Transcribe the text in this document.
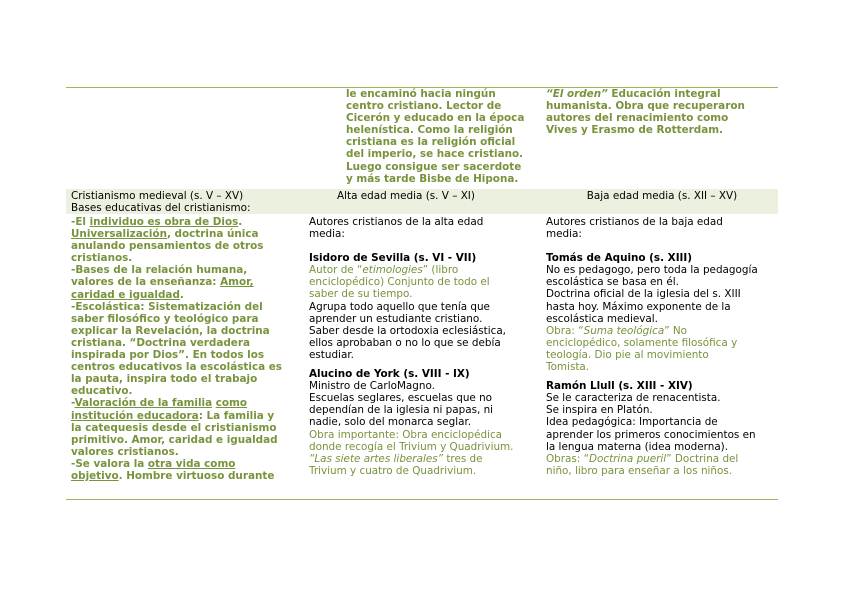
le encaminó hacia ningún

centro cristiano. Lector de

Cicerón y educado en la época

helenística. Como la religión

cristiana es la religión oficial

del imperio, se hace cristiano.

Luego consigue ser sacerdote

y más tarde Bisbe de Hipona.

“El orden” Educación integral

humanista. Obra que recuperaron

autores del renacimiento como

Vives y Erasmo de Rotterdam.

Cristianismo medieval (s. V – XV)

Bases educativas del cristianismo:

Alta edad media (s. V – XI)	Baja edad media (s. XII – XV)

-El individuo es obra de Dios.

Universalización, doctrina única

anulando pensamientos de otros

cristianos.

-Bases de la relación humana,

valores de la enseñanza: Amor,

caridad e igualdad.

-Escolástica: Sistematización del

saber filosófico y teológico para

explicar la Revelación, la doctrina

cristiana. “Doctrina verdadera

inspirada por Dios”. En todos los

centros educativos la escolástica es

la pauta, inspira todo el trabajo

educativo.

-Valoración de la familia como

institución educadora: La familia y

la catequesis desde el cristianismo

primitivo. Amor, caridad e igualdad

valores cristianos.

-Se valora la otra vida como

objetivo. Hombre virtuoso durante

Autores cristianos de la alta edad

media:

Isidoro de Sevilla (s. VI - VII)

Autor de “etimologies” (libro

enciclopédico) Conjunto de todo el

saber de su tiempo.

Agrupa todo aquello que tenía que

aprender un estudiante cristiano.

Saber desde la ortodoxia eclesiástica,

ellos aprobaban o no lo que se debía

estudiar.

Alucino de York (s. VIII - IX)

Ministro de CarloMagno.

Escuelas seglares, escuelas que no

dependían de la iglesia ni papas, ni

nadie, solo del monarca seglar.

Obra importante: Obra enciclopédica

donde recogía el Trivium y Quadrivium.

“Las siete artes liberales” tres de

Trivium y cuatro de Quadrivium.

Autores cristianos de la baja edad

media:

Tomás de Aquino (s. XIII)

No es pedagogo, pero toda la pedagogía

escolástica se basa en él.

Doctrina oficial de la iglesia del s. XIII

hasta hoy. Máximo exponente de la

escolástica medieval.

Obra: “Suma teológica” No

enciclopédico, solamente filosófica y

teología. Dio pie al movimiento

Tomista.

Ramón Llull (s. XIII - XIV)

Se le caracteriza de renacentista.

Se inspira en Platón.

Idea pedagógica: Importancia de

aprender los primeros conocimientos en

la lengua materna (idea moderna).

Obras: “Doctrina pueril” Doctrina del

niño, libro para enseñar a los niños.
